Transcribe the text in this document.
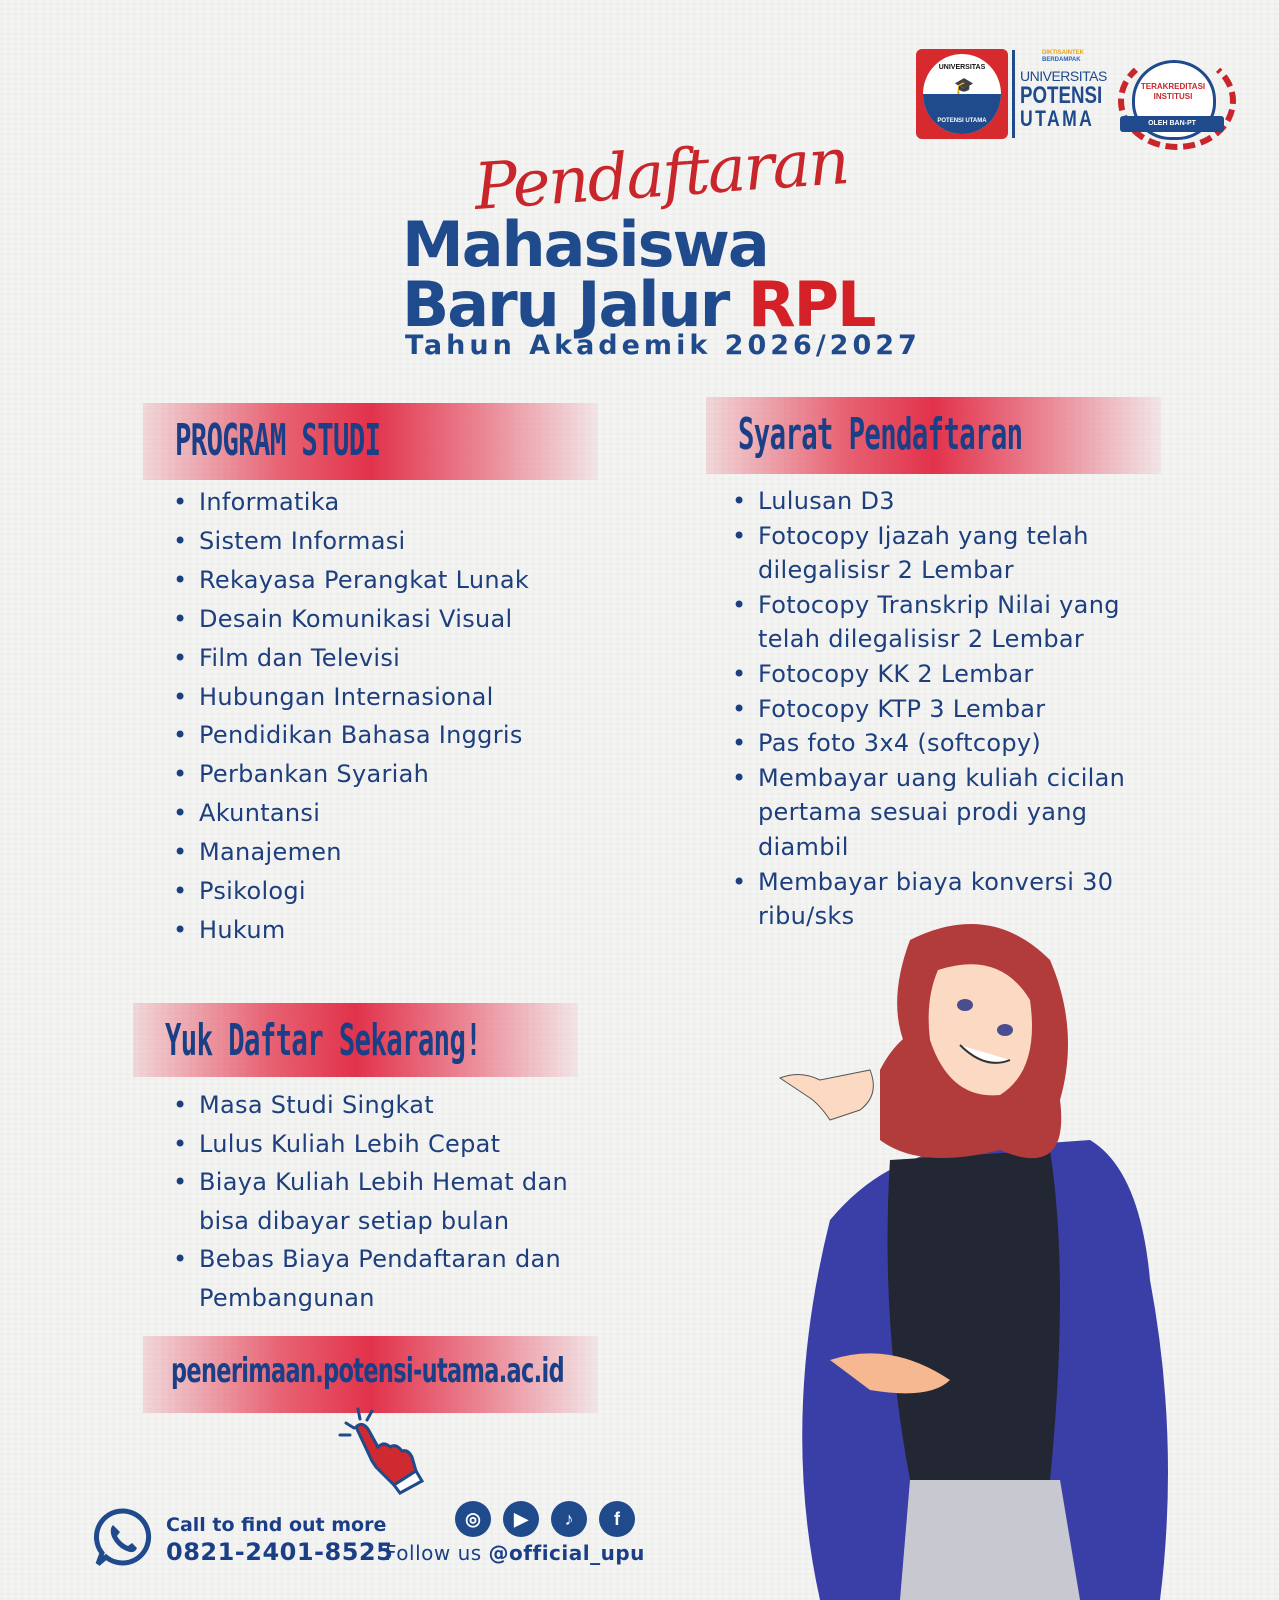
UNIVERSITAS
🎓
POTENSI UTAMA
DIKTISAINTEK
BERDAMPAK
UNIVERSITAS
POTENSI
UTAMA
TERAKREDITASI
INSTITUSI
OLEH BAN-PT
Pendaftaran
Mahasiswa
Baru Jalur RPL
Tahun Akademik 2026/2027
PROGRAM STUDI
• Informatika
• Sistem Informasi
• Rekayasa Perangkat Lunak
• Desain Komunikasi Visual
• Film dan Televisi
• Hubungan Internasional
• Pendidikan Bahasa Inggris
• Perbankan Syariah
• Akuntansi
• Manajemen
• Psikologi
• Hukum
Syarat Pendaftaran
• Lulusan D3
• Fotocopy Ijazah yang telah
dilegalisisr 2 Lembar
• Fotocopy Transkrip Nilai yang
telah dilegalisisr 2 Lembar
• Fotocopy KK 2 Lembar
• Fotocopy KTP 3 Lembar
• Pas foto 3x4 (softcopy)
• Membayar uang kuliah cicilan
pertama sesuai prodi yang
diambil
• Membayar biaya konversi 30
ribu/sks
Yuk Daftar Sekarang!
• Masa Studi Singkat
• Lulus Kuliah Lebih Cepat
• Biaya Kuliah Lebih Hemat dan
bisa dibayar setiap bulan
• Bebas Biaya Pendaftaran dan
Pembangunan
penerimaan.potensi-utama.ac.id
Call to find out more
0821-2401-8525
◎	▶	♪	f
Follow us @official_upu
